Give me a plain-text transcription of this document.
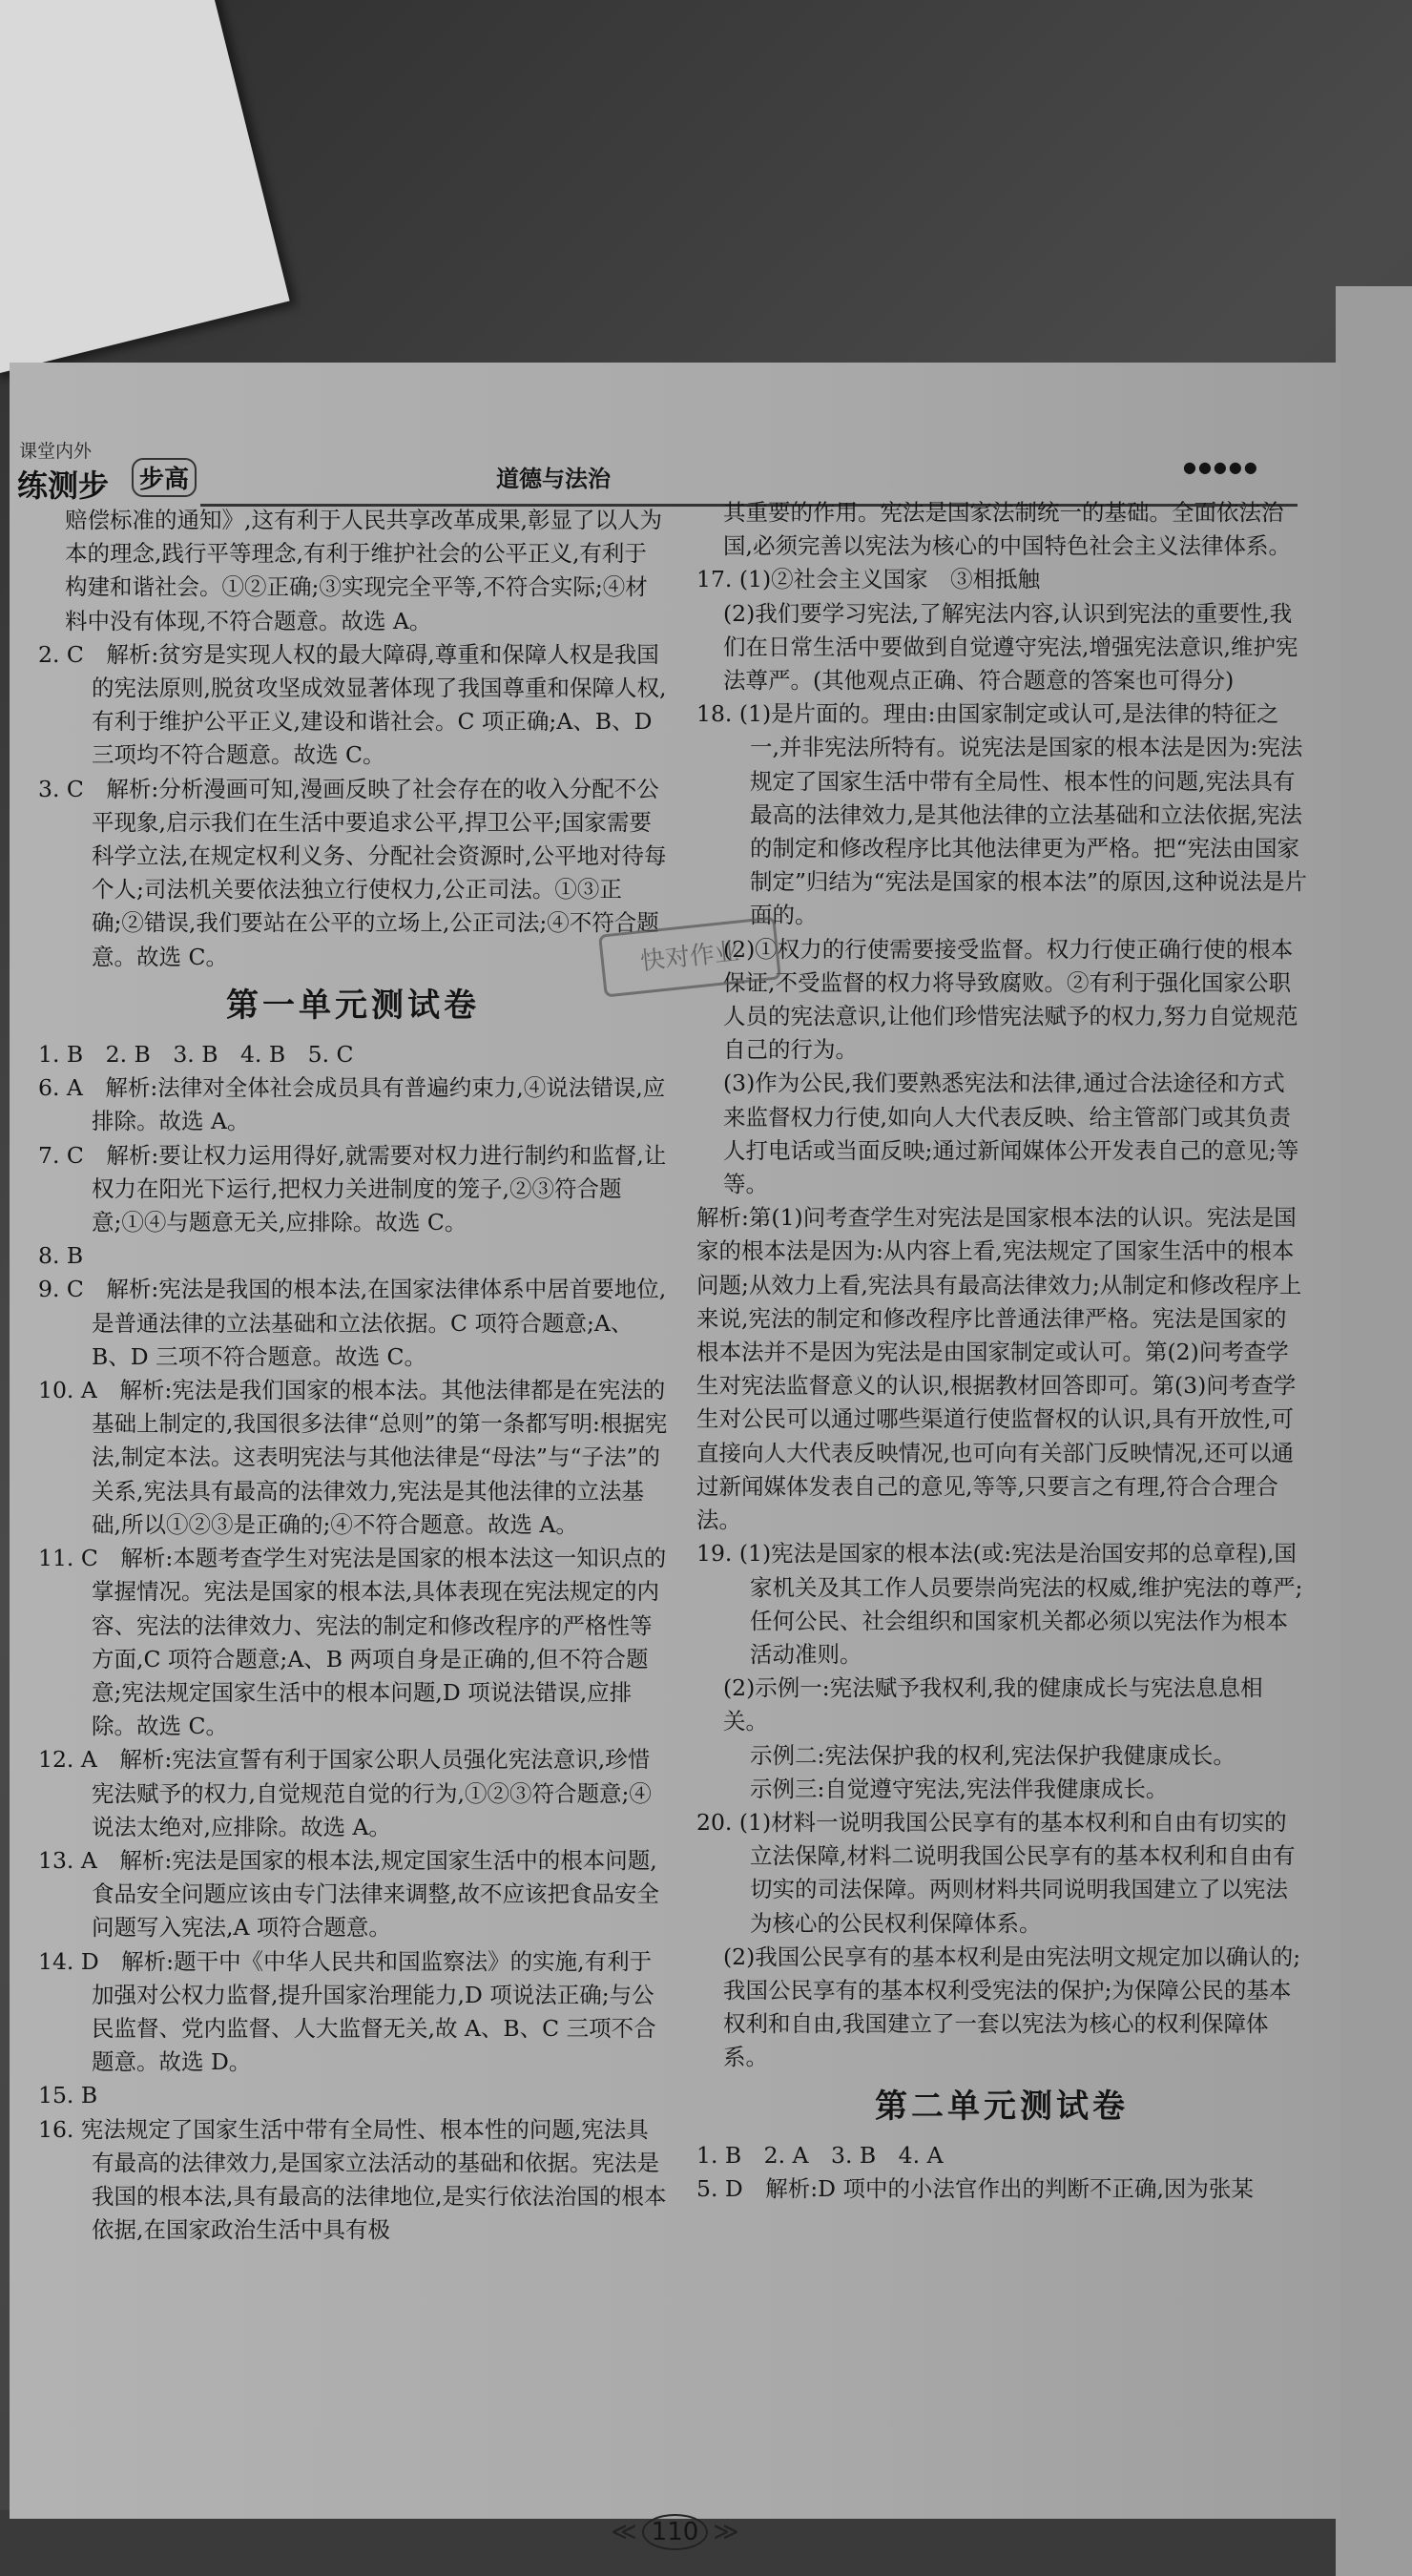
课堂内外
练测步	步高	道德与法治	●●●●●

赔偿标准的通知》,这有利于人民共享改革成果,彰显了以人为本的理念,践行平等理念,有利于维护社会的公平正义,有利于构建和谐社会。①②正确;③实现完全平等,不符合实际;④材料中没有体现,不符合题意。故选 A。

2. C　解析:贫穷是实现人权的最大障碍,尊重和保障人权是我国的宪法原则,脱贫攻坚成效显著体现了我国尊重和保障人权,有利于维护公平正义,建设和谐社会。C 项正确;A、B、D 三项均不符合题意。故选 C。

3. C　解析:分析漫画可知,漫画反映了社会存在的收入分配不公平现象,启示我们在生活中要追求公平,捍卫公平;国家需要科学立法,在规定权利义务、分配社会资源时,公平地对待每个人;司法机关要依法独立行使权力,公正司法。①③正确;②错误,我们要站在公平的立场上,公正司法;④不符合题意。故选 C。

第一单元测试卷

1. B　2. B　3. B　4. B　5. C

6. A　解析:法律对全体社会成员具有普遍约束力,④说法错误,应排除。故选 A。

7. C　解析:要让权力运用得好,就需要对权力进行制约和监督,让权力在阳光下运行,把权力关进制度的笼子,②③符合题意;①④与题意无关,应排除。故选 C。

8. B

9. C　解析:宪法是我国的根本法,在国家法律体系中居首要地位,是普通法律的立法基础和立法依据。C 项符合题意;A、B、D 三项不符合题意。故选 C。

10. A　解析:宪法是我们国家的根本法。其他法律都是在宪法的基础上制定的,我国很多法律“总则”的第一条都写明:根据宪法,制定本法。这表明宪法与其他法律是“母法”与“子法”的关系,宪法具有最高的法律效力,宪法是其他法律的立法基础,所以①②③是正确的;④不符合题意。故选 A。

11. C　解析:本题考查学生对宪法是国家的根本法这一知识点的掌握情况。宪法是国家的根本法,具体表现在宪法规定的内容、宪法的法律效力、宪法的制定和修改程序的严格性等方面,C 项符合题意;A、B 两项自身是正确的,但不符合题意;宪法规定国家生活中的根本问题,D 项说法错误,应排除。故选 C。

12. A　解析:宪法宣誓有利于国家公职人员强化宪法意识,珍惜宪法赋予的权力,自觉规范自觉的行为,①②③符合题意;④说法太绝对,应排除。故选 A。

13. A　解析:宪法是国家的根本法,规定国家生活中的根本问题,食品安全问题应该由专门法律来调整,故不应该把食品安全问题写入宪法,A 项符合题意。

14. D　解析:题干中《中华人民共和国监察法》的实施,有利于加强对公权力监督,提升国家治理能力,D 项说法正确;与公民监督、党内监督、人大监督无关,故 A、B、C 三项不合题意。故选 D。

15. B

16. 宪法规定了国家生活中带有全局性、根本性的问题,宪法具有最高的法律效力,是国家立法活动的基础和依据。宪法是我国的根本法,具有最高的法律地位,是实行依法治国的根本依据,在国家政治生活中具有极

其重要的作用。宪法是国家法制统一的基础。全面依法治国,必须完善以宪法为核心的中国特色社会主义法律体系。

17. (1)②社会主义国家　③相抵触

(2)我们要学习宪法,了解宪法内容,认识到宪法的重要性,我们在日常生活中要做到自觉遵守宪法,增强宪法意识,维护宪法尊严。(其他观点正确、符合题意的答案也可得分)

18. (1)是片面的。理由:由国家制定或认可,是法律的特征之一,并非宪法所特有。说宪法是国家的根本法是因为:宪法规定了国家生活中带有全局性、根本性的问题,宪法具有最高的法律效力,是其他法律的立法基础和立法依据,宪法的制定和修改程序比其他法律更为严格。把“宪法由国家制定”归结为“宪法是国家的根本法”的原因,这种说法是片面的。

(2)①权力的行使需要接受监督。权力行使正确行使的根本保证,不受监督的权力将导致腐败。②有利于强化国家公职人员的宪法意识,让他们珍惜宪法赋予的权力,努力自觉规范自己的行为。

(3)作为公民,我们要熟悉宪法和法律,通过合法途径和方式来监督权力行使,如向人大代表反映、给主管部门或其负责人打电话或当面反映;通过新闻媒体公开发表自己的意见;等等。

解析:第(1)问考查学生对宪法是国家根本法的认识。宪法是国家的根本法是因为:从内容上看,宪法规定了国家生活中的根本问题;从效力上看,宪法具有最高法律效力;从制定和修改程序上来说,宪法的制定和修改程序比普通法律严格。宪法是国家的根本法并不是因为宪法是由国家制定或认可。第(2)问考查学生对宪法监督意义的认识,根据教材回答即可。第(3)问考查学生对公民可以通过哪些渠道行使监督权的认识,具有开放性,可直接向人大代表反映情况,也可向有关部门反映情况,还可以通过新闻媒体发表自己的意见,等等,只要言之有理,符合合理合法。

19. (1)宪法是国家的根本法(或:宪法是治国安邦的总章程),国家机关及其工作人员要崇尚宪法的权威,维护宪法的尊严;任何公民、社会组织和国家机关都必须以宪法作为根本活动准则。

(2)示例一:宪法赋予我权利,我的健康成长与宪法息息相关。

示例二:宪法保护我的权利,宪法保护我健康成长。

示例三:自觉遵守宪法,宪法伴我健康成长。

20. (1)材料一说明我国公民享有的基本权利和自由有切实的立法保障,材料二说明我国公民享有的基本权利和自由有切实的司法保障。两则材料共同说明我国建立了以宪法为核心的公民权利保障体系。

(2)我国公民享有的基本权利是由宪法明文规定加以确认的;我国公民享有的基本权利受宪法的保护;为保障公民的基本权利和自由,我国建立了一套以宪法为核心的权利保障体系。

第二单元测试卷

1. B　2. A　3. B　4. A

5. D　解析:D 项中的小法官作出的判断不正确,因为张某

快对作业
≪ 110 ≫
